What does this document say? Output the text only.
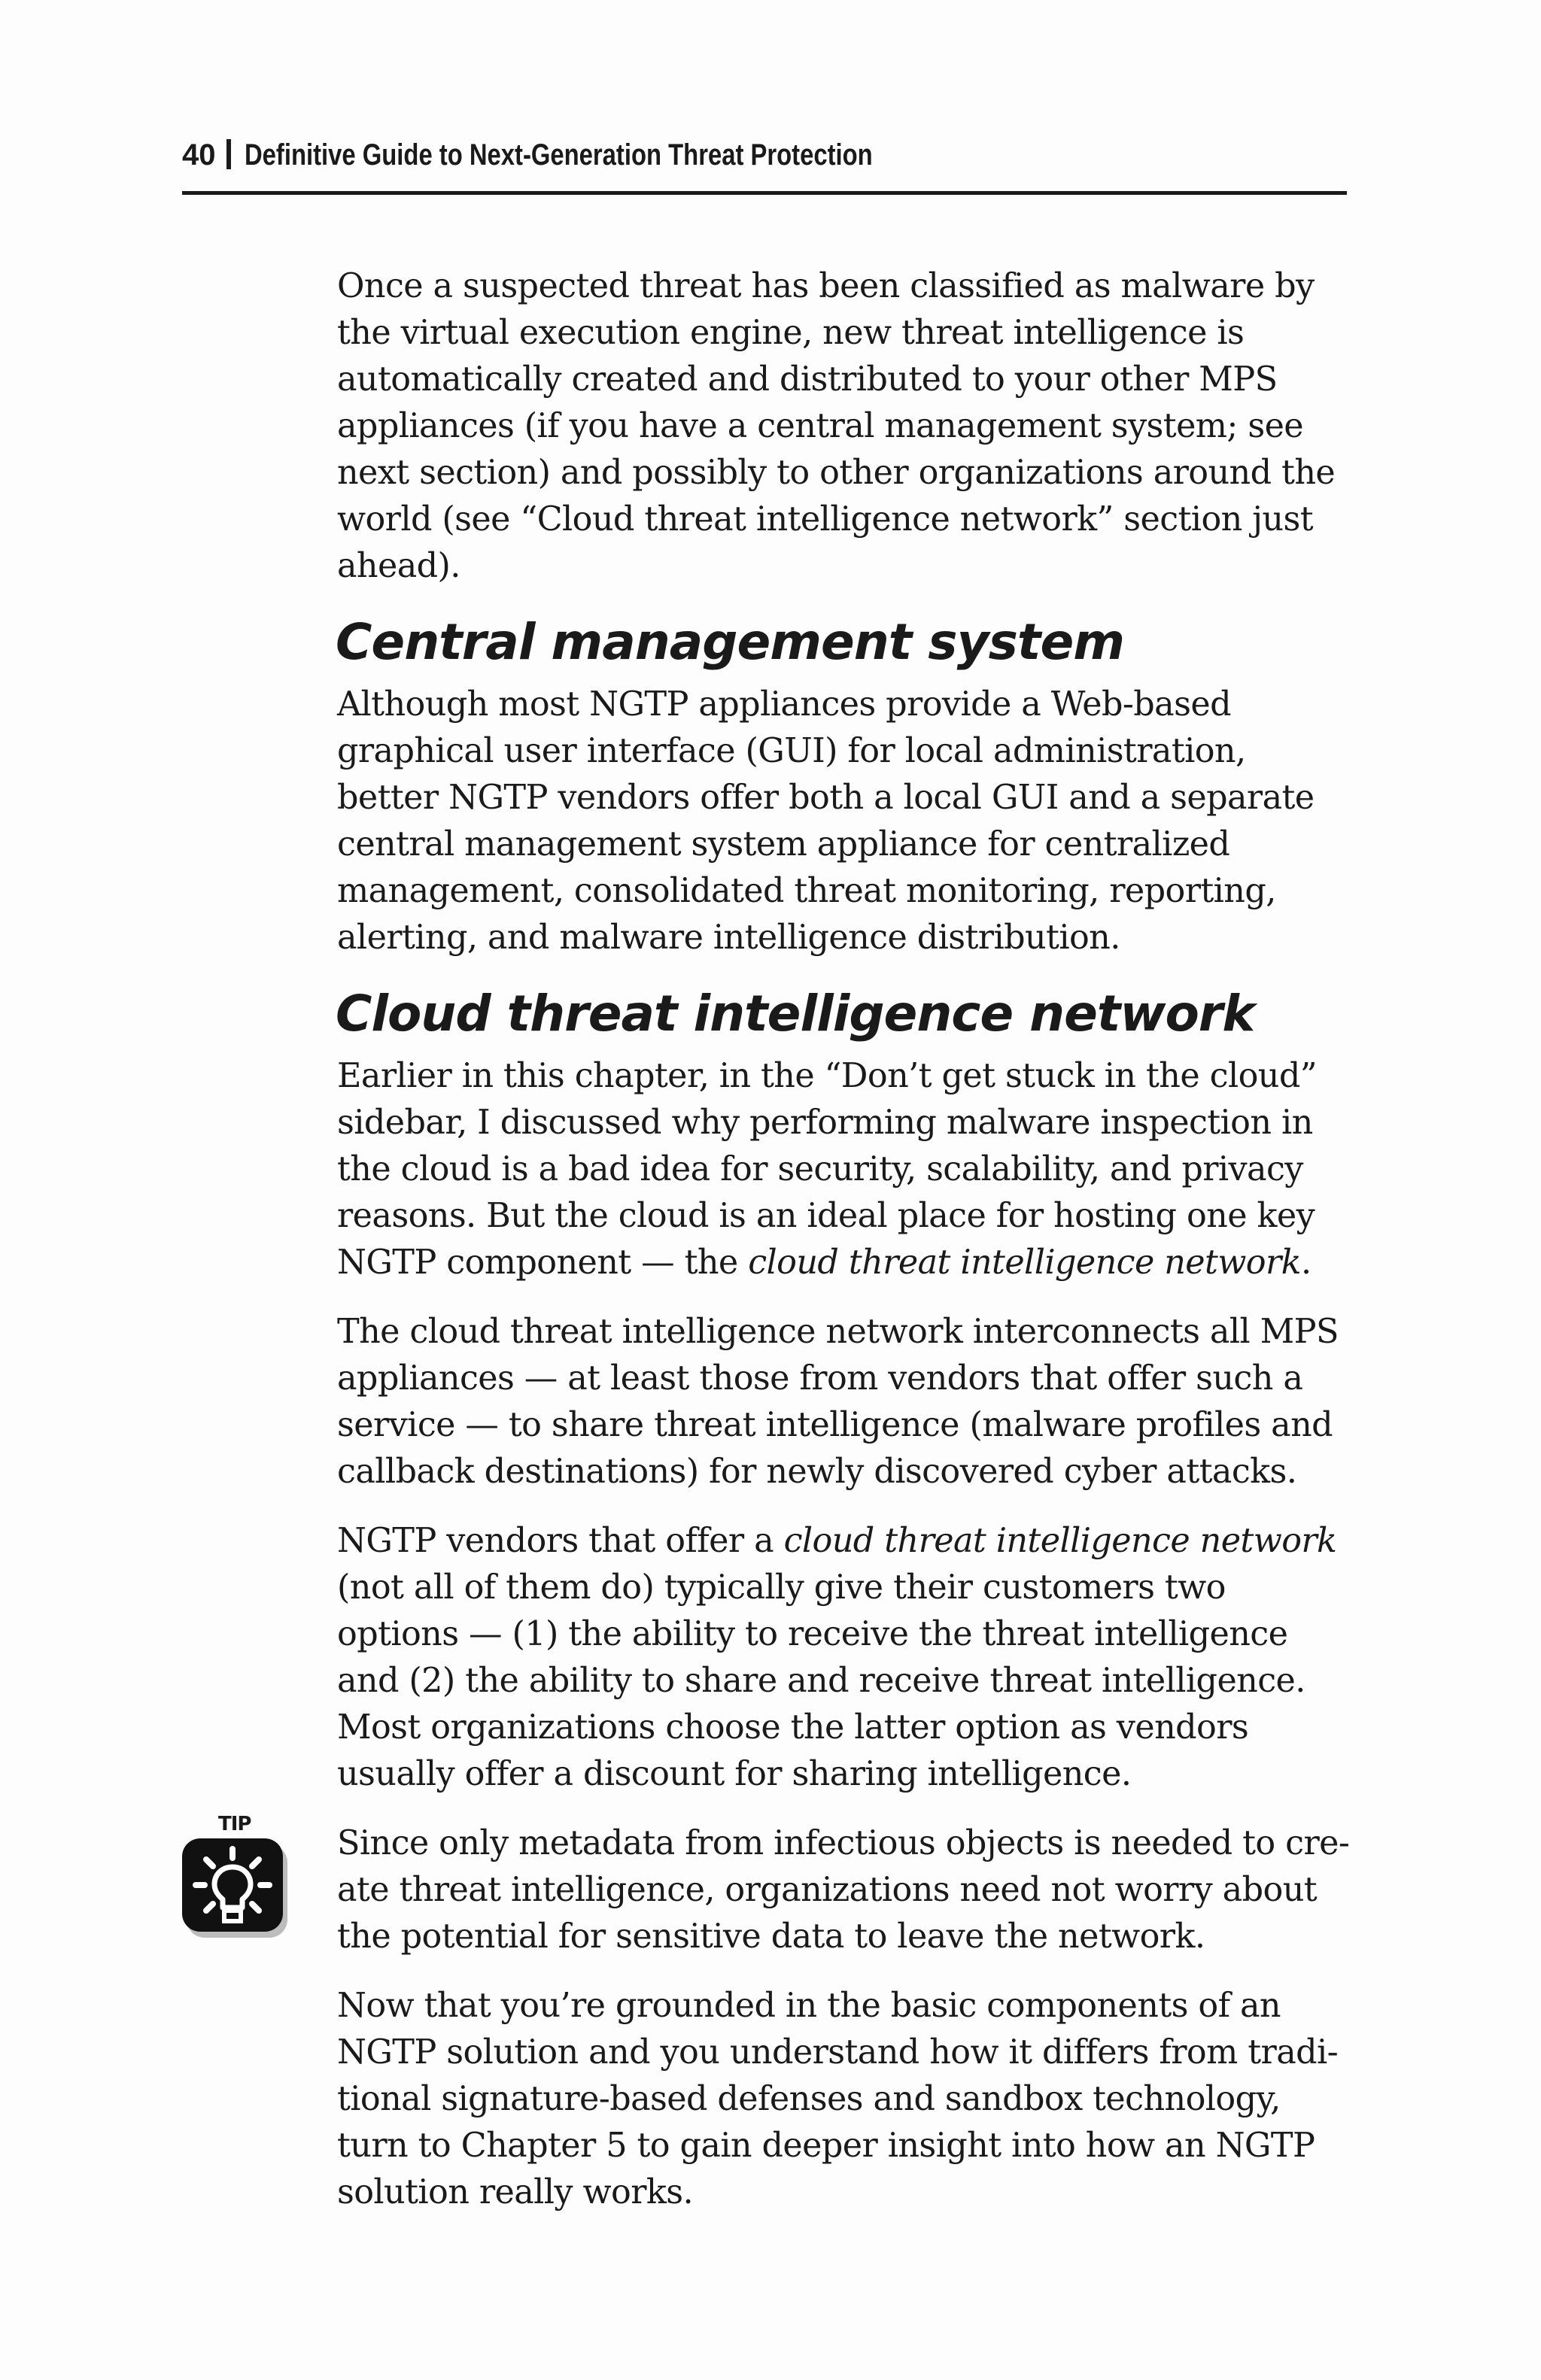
40 Definitive Guide to Next-Generation Threat Protection

Once a suspected threat has been classified as malware by the virtual execution engine, new threat intelligence is automatically created and distributed to your other MPS appliances (if you have a central management system; see next section) and possibly to other organizations around the world (see “Cloud threat intelligence network” section just ahead).

Central management system

Although most NGTP appliances provide a Web-based graphical user interface (GUI) for local administration, better NGTP vendors offer both a local GUI and a separate central management system appliance for centralized management, consolidated threat monitoring, reporting, alerting, and malware intelligence distribution.

Cloud threat intelligence network

Earlier in this chapter, in the “Don’t get stuck in the cloud” sidebar, I discussed why performing malware inspection in the cloud is a bad idea for security, scalability, and privacy reasons. But the cloud is an ideal place for hosting one key NGTP component — the cloud threat intelligence network.

The cloud threat intelligence network interconnects all MPS appliances — at least those from vendors that offer such a service — to share threat intelligence (malware profiles and callback destinations) for newly discovered cyber attacks.

NGTP vendors that offer a cloud threat intelligence network (not all of them do) typically give their customers two options — (1) the ability to receive the threat intelligence and (2) the ability to share and receive threat intelligence. Most organizations choose the latter option as vendors usually offer a discount for sharing intelligence.

TIP	Since only metadata from infectious objects is needed to create threat intelligence, organizations need not worry about the potential for sensitive data to leave the network.

Now that you’re grounded in the basic components of an NGTP solution and you understand how it differs from traditional signature-based defenses and sandbox technology, turn to Chapter 5 to gain deeper insight into how an NGTP solution really works.
